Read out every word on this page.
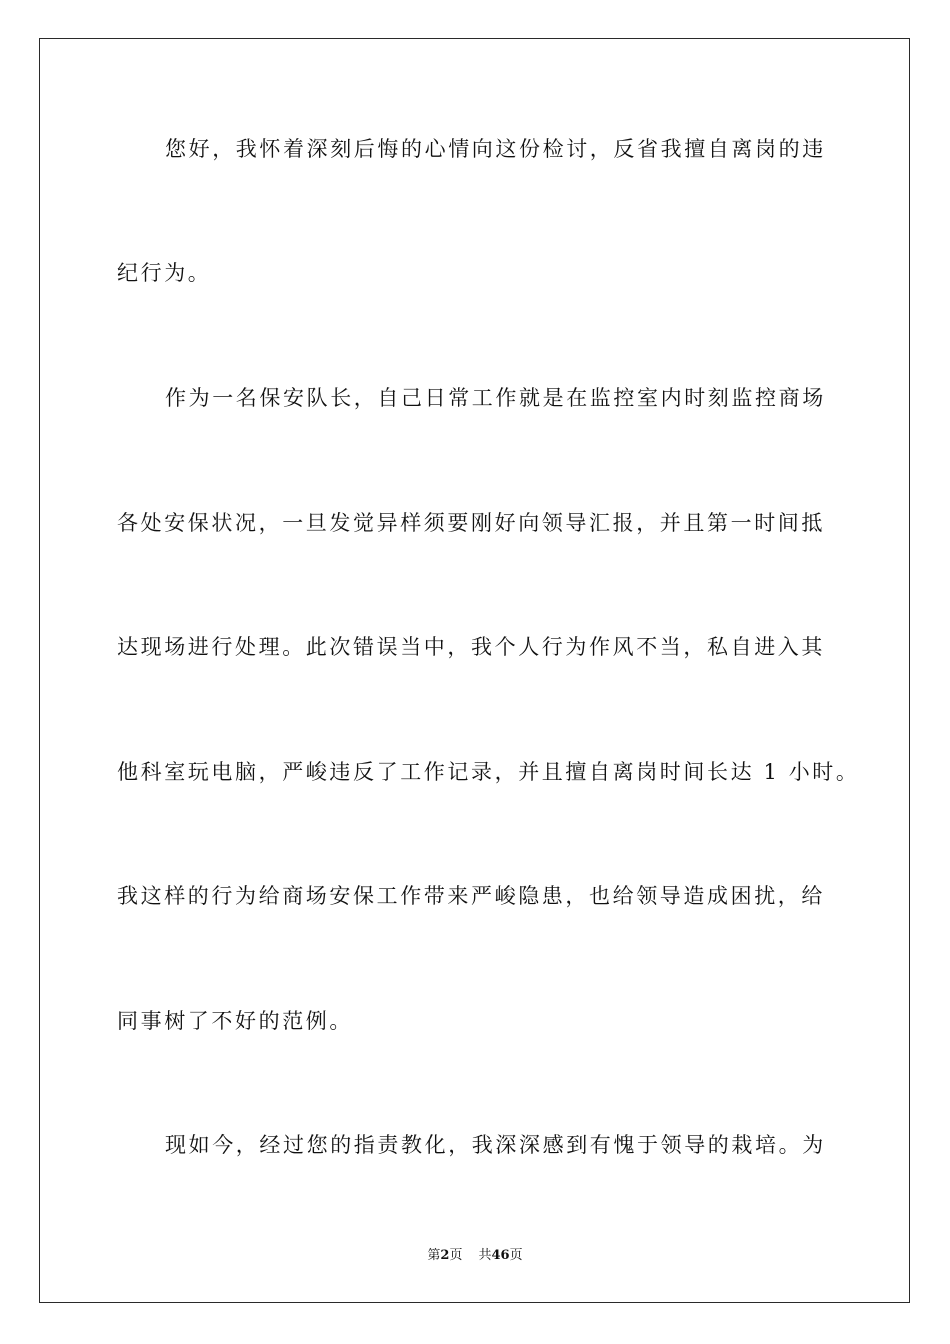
您好，我怀着深刻后悔的心情向这份检讨，反省我擅自离岗的违
纪行为。
作为一名保安队长，自己日常工作就是在监控室内时刻监控商场
各处安保状况，一旦发觉异样须要刚好向领导汇报，并且第一时间抵
达现场进行处理。此次错误当中，我个人行为作风不当，私自进入其
他科室玩电脑，严峻违反了工作记录，并且擅自离岗时间长达 1 小时。
我这样的行为给商场安保工作带来严峻隐患，也给领导造成困扰，给
同事树了不好的范例。
现如今，经过您的指责教化，我深深感到有愧于领导的栽培。为
第2页 共46页
